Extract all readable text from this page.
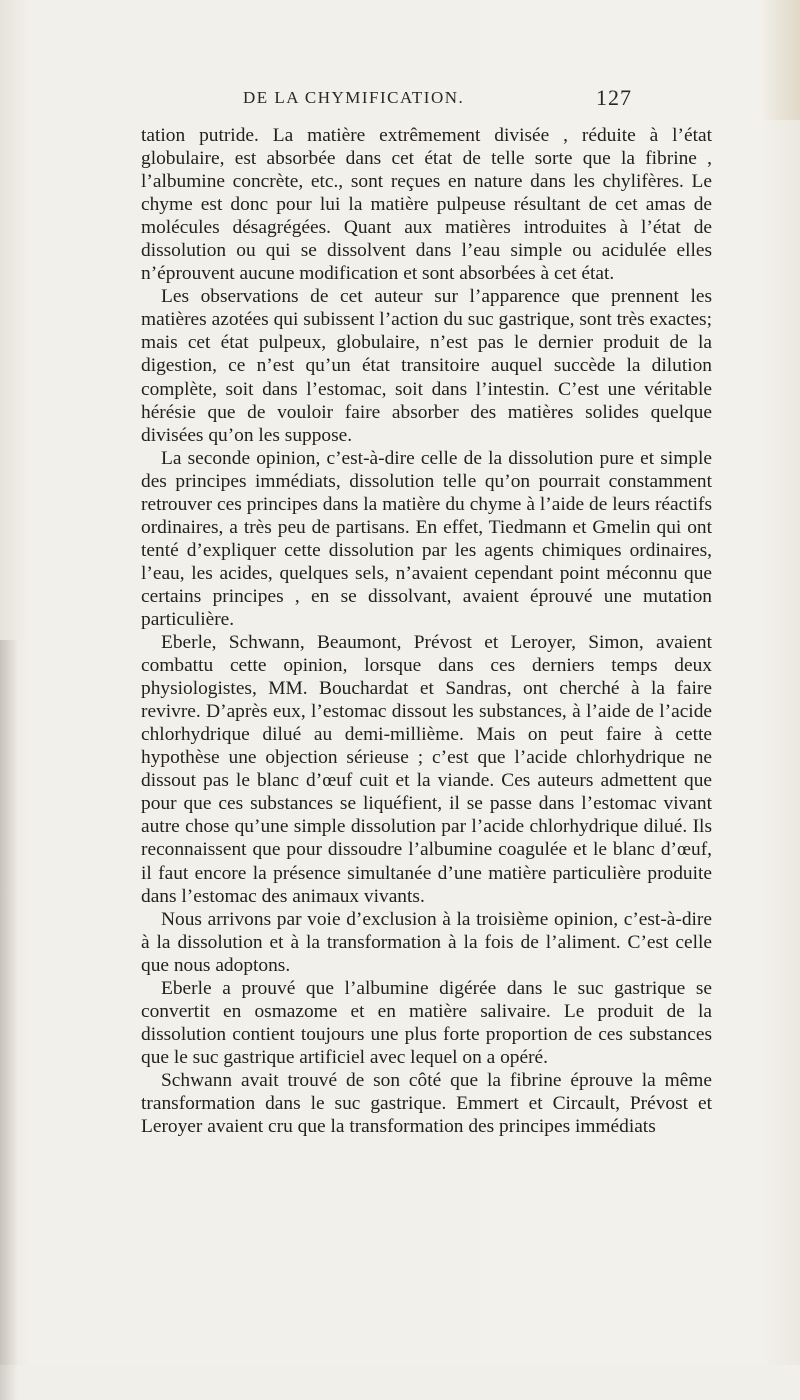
DE LA CHYMIFICATION.	127

tation putride. La matière extrêmement divisée , réduite à l’état globulaire, est absorbée dans cet état de telle sorte que la fibrine , l’albumine concrète, etc., sont reçues en nature dans les chylifères. Le chyme est donc pour lui la matière pulpeuse résultant de cet amas de molécules désagrégées. Quant aux matières introduites à l’état de dissolution ou qui se dissolvent dans l’eau simple ou acidulée elles n’éprouvent aucune modification et sont absorbées à cet état.

Les observations de cet auteur sur l’apparence que prennent les matières azotées qui subissent l’action du suc gastrique, sont très exactes; mais cet état pulpeux, globulaire, n’est pas le dernier produit de la digestion, ce n’est qu’un état transitoire auquel succède la dilution complète, soit dans l’estomac, soit dans l’intestin. C’est une véritable hérésie que de vouloir faire absorber des matières solides quelque divisées qu’on les suppose.

La seconde opinion, c’est-à-dire celle de la dissolution pure et simple des principes immédiats, dissolution telle qu’on pourrait constamment retrouver ces principes dans la matière du chyme à l’aide de leurs réactifs ordinaires, a très peu de partisans. En effet, Tiedmann et Gmelin qui ont tenté d’expliquer cette dissolution par les agents chimiques ordinaires, l’eau, les acides, quelques sels, n’avaient cependant point méconnu que certains principes , en se dissolvant, avaient éprouvé une mutation particulière.

Eberle, Schwann, Beaumont, Prévost et Leroyer, Simon, avaient combattu cette opinion, lorsque dans ces derniers temps deux physiologistes, MM. Bouchardat et Sandras, ont cherché à la faire revivre. D’après eux, l’estomac dissout les substances, à l’aide de l’acide chlorhydrique dilué au demi-millième. Mais on peut faire à cette hypothèse une objection sérieuse ; c’est que l’acide chlorhydrique ne dissout pas le blanc d’œuf cuit et la viande. Ces auteurs admettent que pour que ces substances se liquéfient, il se passe dans l’estomac vivant autre chose qu’une simple dissolution par l’acide chlorhydrique dilué. Ils reconnaissent que pour dissoudre l’albumine coagulée et le blanc d’œuf, il faut encore la présence simultanée d’une matière particulière produite dans l’estomac des animaux vivants.

Nous arrivons par voie d’exclusion à la troisième opinion, c’est-à-dire à la dissolution et à la transformation à la fois de l’aliment. C’est celle que nous adoptons.

Eberle a prouvé que l’albumine digérée dans le suc gastrique se convertit en osmazome et en matière salivaire. Le produit de la dissolution contient toujours une plus forte proportion de ces substances que le suc gastrique artificiel avec lequel on a opéré.

Schwann avait trouvé de son côté que la fibrine éprouve la même transformation dans le suc gastrique. Emmert et Circault, Prévost et Leroyer avaient cru que la transformation des principes immédiats
